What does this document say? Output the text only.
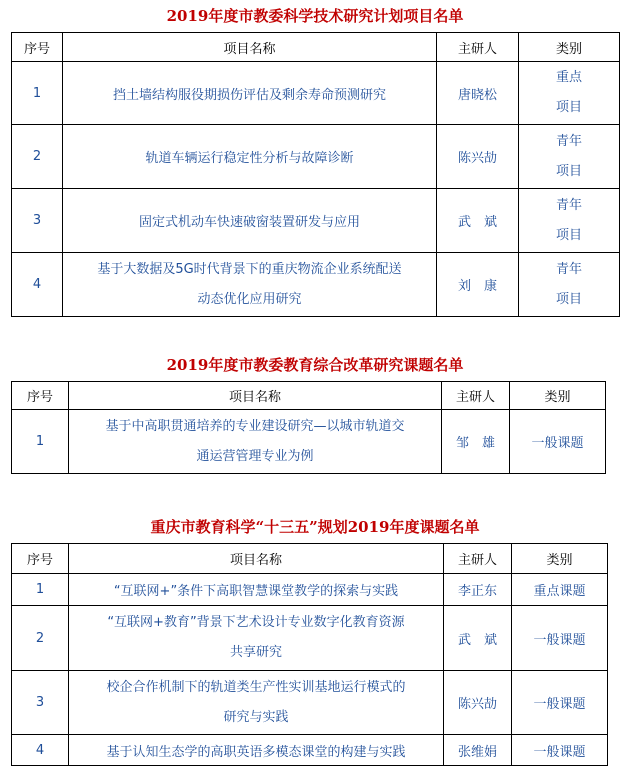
2019年度市教委科学技术研究计划项目名单
序号	项目名称	主研人	类别
1	挡土墙结构服役期损伤评估及剩余寿命预测研究	唐晓松	重点
项目
2	轨道车辆运行稳定性分析与故障诊断	陈兴劼	青年
项目
3	固定式机动车快速破窗装置研发与应用	武　斌	青年
项目
4	基于大数据及5G时代背景下的重庆物流企业系统配送
动态优化应用研究	刘　康	青年
项目
2019年度市教委教育综合改革研究课题名单
序号	项目名称	主研人	类别
1	基于中高职贯通培养的专业建设研究—以城市轨道交
通运营管理专业为例	邹　雄	一般课题
重庆市教育科学“十三五”规划2019年度课题名单
序号	项目名称	主研人	类别
1	“互联网+”条件下高职智慧课堂教学的探索与实践	李正东	重点课题
2	“互联网+教育”背景下艺术设计专业数字化教育资源
共享研究	武　斌	一般课题
3	校企合作机制下的轨道类生产性实训基地运行模式的
研究与实践	陈兴劼	一般课题
4	基于认知生态学的高职英语多模态课堂的构建与实践	张维娟	一般课题
